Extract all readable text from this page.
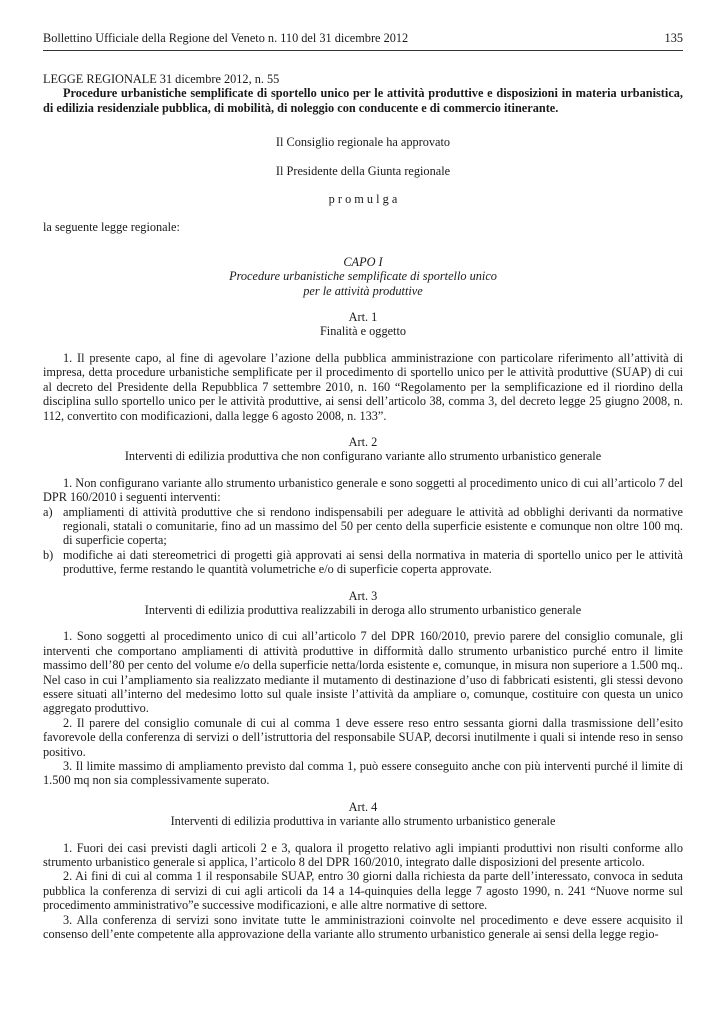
Bollettino Ufficiale della Regione del Veneto n. 110 del 31 dicembre 2012	135

LEGGE REGIONALE 31 dicembre 2012, n. 55

Procedure urbanistiche semplificate di sportello unico per le attività produttive e disposizioni in materia urbanistica, di edilizia residenziale pubblica, di mobilità, di noleggio con conducente e di commercio itinerante.

Il Consiglio regionale ha approvato

Il Presidente della Giunta regionale

p r o m u l g a

la seguente legge regionale:

CAPO I

Procedure urbanistiche semplificate di sportello unico

per le attività produttive

Art. 1

Finalità e oggetto

1. Il presente capo, al fine di agevolare l’azione della pubblica amministrazione con particolare riferimento all’attività di impresa, detta procedure urbanistiche semplificate per il procedimento di sportello unico per le attività produttive (SUAP) di cui al decreto del Presidente della Repubblica 7 settembre 2010, n. 160 “Regolamento per la semplificazione ed il riordino della disciplina sullo sportello unico per le attività produttive, ai sensi dell’articolo 38, comma 3, del decreto legge 25 giugno 2008, n. 112, convertito con modificazioni, dalla legge 6 agosto 2008, n. 133”.

Art. 2

Interventi di edilizia produttiva che non configurano variante allo strumento urbanistico generale

1. Non configurano variante allo strumento urbanistico generale e sono soggetti al procedimento unico di cui all’articolo 7 del DPR 160/2010 i seguenti interventi:

a) ampliamenti di attività produttive che si rendono indispensabili per adeguare le attività ad obblighi derivanti da normative regionali, statali o comunitarie, fino ad un massimo del 50 per cento della superficie esistente e comunque non oltre 100 mq. di superficie coperta;

b) modifiche ai dati stereometrici di progetti già approvati ai sensi della normativa in materia di sportello unico per le attività produttive, ferme restando le quantità volumetriche e/o di superficie coperta approvate.

Art. 3

Interventi di edilizia produttiva realizzabili in deroga allo strumento urbanistico generale

1. Sono soggetti al procedimento unico di cui all’articolo 7 del DPR 160/2010, previo parere del consiglio comunale, gli interventi che comportano ampliamenti di attività produttive in difformità dallo strumento urbanistico purché entro il limite massimo dell’80 per cento del volume e/o della superficie netta/lorda esistente e, comunque, in misura non superiore a 1.500 mq.. Nel caso in cui l’ampliamento sia realizzato mediante il mutamento di destinazione d’uso di fabbricati esistenti, gli stessi devono essere situati all’interno del medesimo lotto sul quale insiste l’attività da ampliare o, comunque, costituire con questa un unico aggregato produttivo.

2. Il parere del consiglio comunale di cui al comma 1 deve essere reso entro sessanta giorni dalla trasmissione dell’esito favorevole della conferenza di servizi o dell’istruttoria del responsabile SUAP, decorsi inutilmente i quali si intende reso in senso positivo.

3. Il limite massimo di ampliamento previsto dal comma 1, può essere conseguito anche con più interventi purché il limite di 1.500 mq non sia complessivamente superato.

Art. 4

Interventi di edilizia produttiva in variante allo strumento urbanistico generale

1. Fuori dei casi previsti dagli articoli 2 e 3, qualora il progetto relativo agli impianti produttivi non risulti conforme allo strumento urbanistico generale si applica, l’articolo 8 del DPR 160/2010, integrato dalle disposizioni del presente articolo.

2. Ai fini di cui al comma 1 il responsabile SUAP, entro 30 giorni dalla richiesta da parte dell’interessato, convoca in seduta pubblica la conferenza di servizi di cui agli articoli da 14 a 14-quinquies della legge 7 agosto 1990, n. 241 “Nuove norme sul procedimento amministrativo”e successive modificazioni, e alle altre normative di settore.

3. Alla conferenza di servizi sono invitate tutte le amministrazioni coinvolte nel procedimento e deve essere acquisito il consenso dell’ente competente alla approvazione della variante allo strumento urbanistico generale ai sensi della legge regio-
